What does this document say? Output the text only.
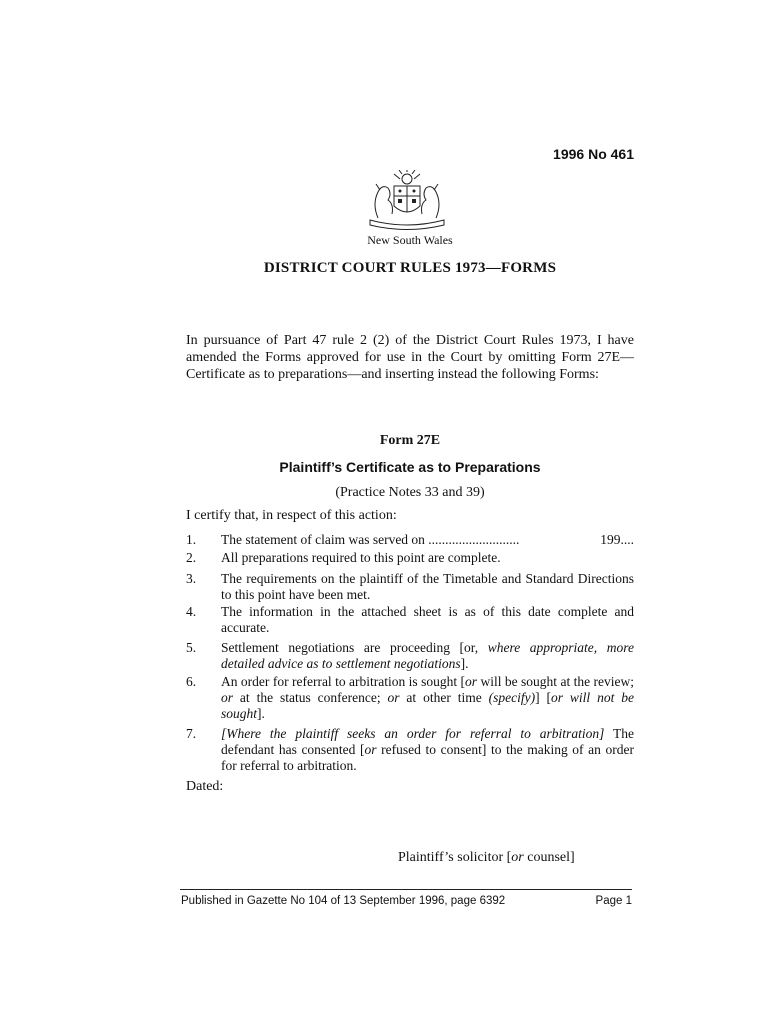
1996 No 461
New South Wales
DISTRICT COURT RULES 1973—FORMS
In pursuance of Part 47 rule 2 (2) of the District Court Rules 1973, I have amended the Forms approved for use in the Court by omitting Form 27E—Certificate as to preparations—and inserting instead the following Forms:
Form 27E
Plaintiff’s Certificate as to Preparations
(Practice Notes 33 and 39)
I certify that, in respect of this action:
1. The statement of claim was served on ...........................	199....
2. All preparations required to this point are complete.
3. The requirements on the plaintiff of the Timetable and Standard Directions to this point have been met.
4. The information in the attached sheet is as of this date complete and accurate.
5. Settlement negotiations are proceeding [or, where appropriate, more detailed advice as to settlement negotiations].
6. An order for referral to arbitration is sought [or will be sought at the review; or at the status conference; or at other time (specify)] [or will not be sought].
7. [Where the plaintiff seeks an order for referral to arbitration] The defendant has consented [or refused to consent] to the making of an order for referral to arbitration.
Dated:
Plaintiff’s solicitor [or counsel]
Published in Gazette No 104 of 13 September 1996, page 6392	Page 1
